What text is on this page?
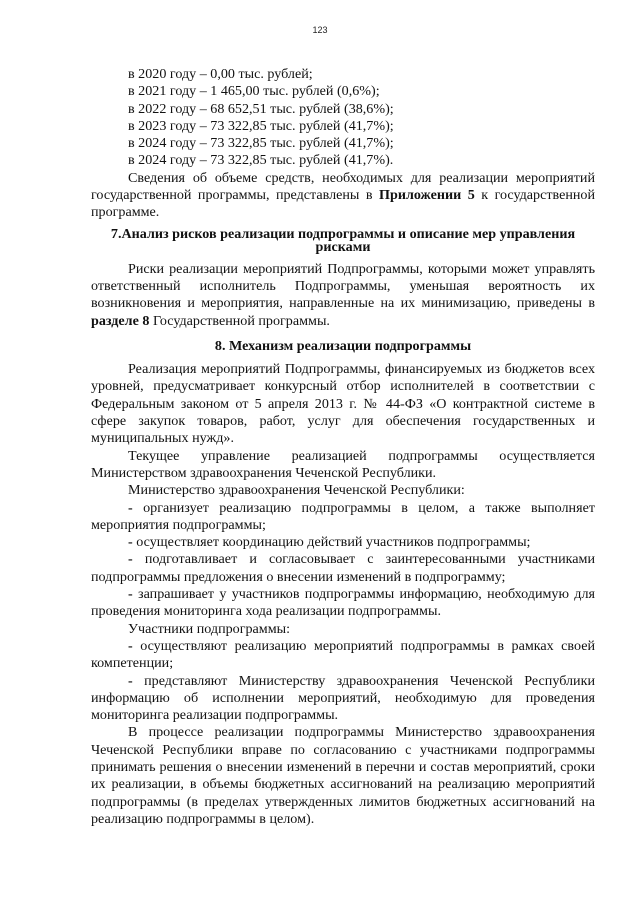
123

в 2020 году – 0,00 тыс. рублей;

в 2021 году – 1 465,00 тыс. рублей (0,6%);

в 2022 году – 68 652,51 тыс. рублей (38,6%);

в 2023 году – 73 322,85 тыс. рублей (41,7%);

в 2024 году – 73 322,85 тыс. рублей (41,7%);

в 2024 году – 73 322,85 тыс. рублей (41,7%).

Сведения об объеме средств, необходимых для реализации мероприятий государственной программы, представлены в Приложении 5 к государственной программе.

7.Анализ рисков реализации подпрограммы и описание мер управления рисками

Риски реализации мероприятий Подпрограммы, которыми может управлять ответственный исполнитель Подпрограммы, уменьшая вероятность их возникновения и мероприятия, направленные на их минимизацию, приведены в разделе 8 Государственной программы.

8. Механизм реализации подпрограммы

Реализация мероприятий Подпрограммы, финансируемых из бюджетов всех уровней, предусматривает конкурсный отбор исполнителей в соответствии с Федеральным законом от 5 апреля 2013 г. № 44-ФЗ «О контрактной системе в сфере закупок товаров, работ, услуг для обеспечения государственных и муниципальных нужд».

Текущее управление реализацией подпрограммы осуществляется Министерством здравоохранения Чеченской Республики.

Министерство здравоохранения Чеченской Республики:

- организует реализацию подпрограммы в целом, а также выполняет мероприятия подпрограммы;

- осуществляет координацию действий участников подпрограммы;

- подготавливает и согласовывает с заинтересованными участниками подпрограммы предложения о внесении изменений в подпрограмму;

- запрашивает у участников подпрограммы информацию, необходимую для проведения мониторинга хода реализации подпрограммы.

Участники подпрограммы:

- осуществляют реализацию мероприятий подпрограммы в рамках своей компетенции;

- представляют Министерству здравоохранения Чеченской Республики информацию об исполнении мероприятий, необходимую для проведения мониторинга реализации подпрограммы.

В процессе реализации подпрограммы Министерство здравоохранения Чеченской Республики вправе по согласованию с участниками подпрограммы принимать решения о внесении изменений в перечни и состав мероприятий, сроки их реализации, в объемы бюджетных ассигнований на реализацию мероприятий подпрограммы (в пределах утвержденных лимитов бюджетных ассигнований на реализацию подпрограммы в целом).
